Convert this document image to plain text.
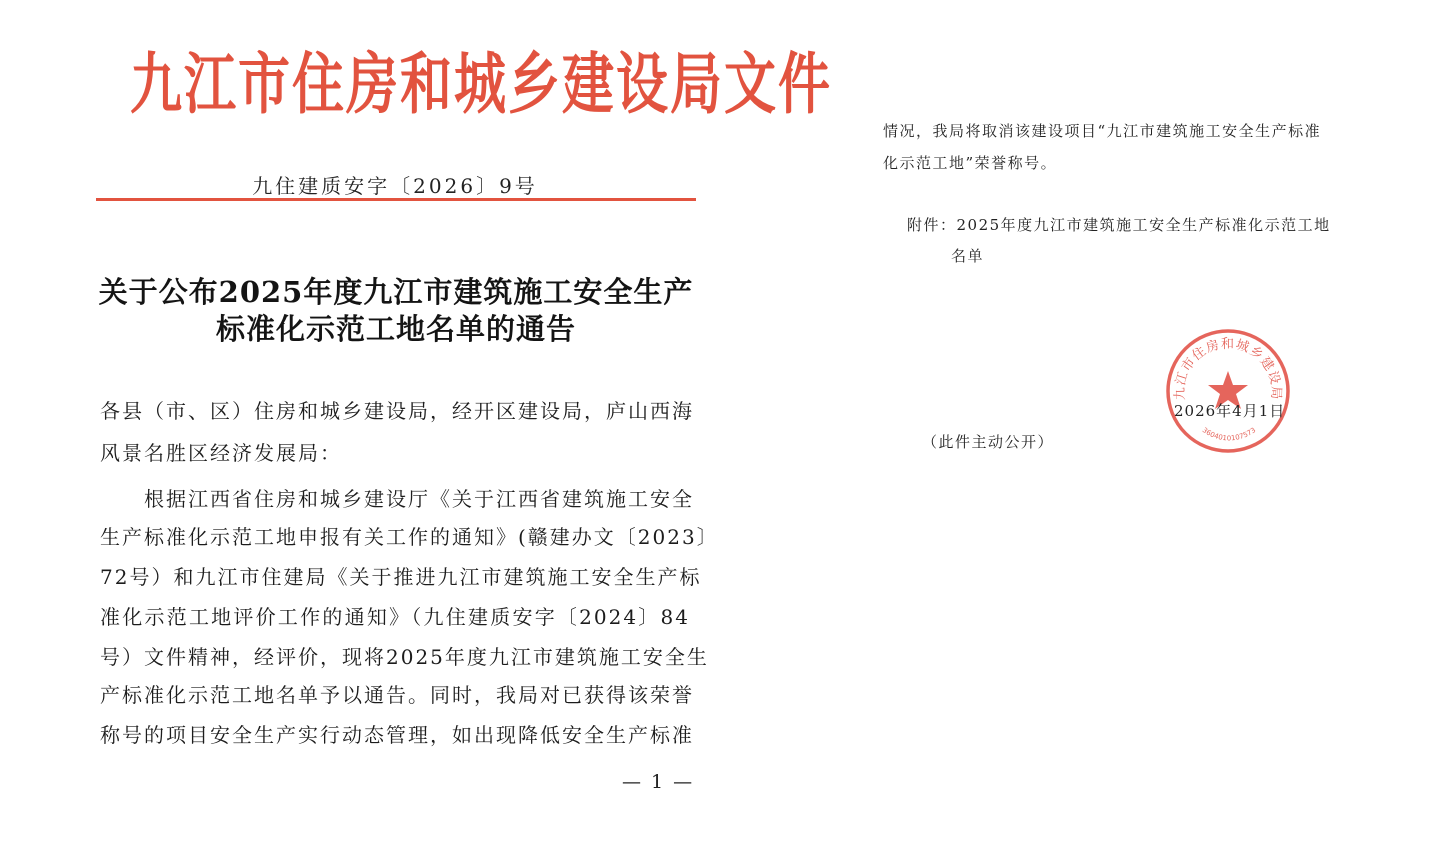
九江市住房和城乡建设局文件
九住建质安字〔2026〕9号
关于公布2025年度九江市建筑施工安全生产
标准化示范工地名单的通告
各县（市、区）住房和城乡建设局，经开区建设局，庐山西海
风景名胜区经济发展局：
　　根据江西省住房和城乡建设厅《关于江西省建筑施工安全
生产标准化示范工地申报有关工作的通知》(赣建办文〔2023〕
72号）和九江市住建局《关于推进九江市建筑施工安全生产标
准化示范工地评价工作的通知》（九住建质安字〔2024〕84
号）文件精神，经评价，现将2025年度九江市建筑施工安全生
产标准化示范工地名单予以通告。同时，我局对已获得该荣誉
称号的项目安全生产实行动态管理，如出现降低安全生产标准
— 1 —
情况，我局将取消该建设项目“九江市建筑施工安全生产标准
化示范工地”荣誉称号。
附件：2025年度九江市建筑施工安全生产标准化示范工地
名单
九江市住房和城乡建设局
3604010107573
2026年4月1日
（此件主动公开）
